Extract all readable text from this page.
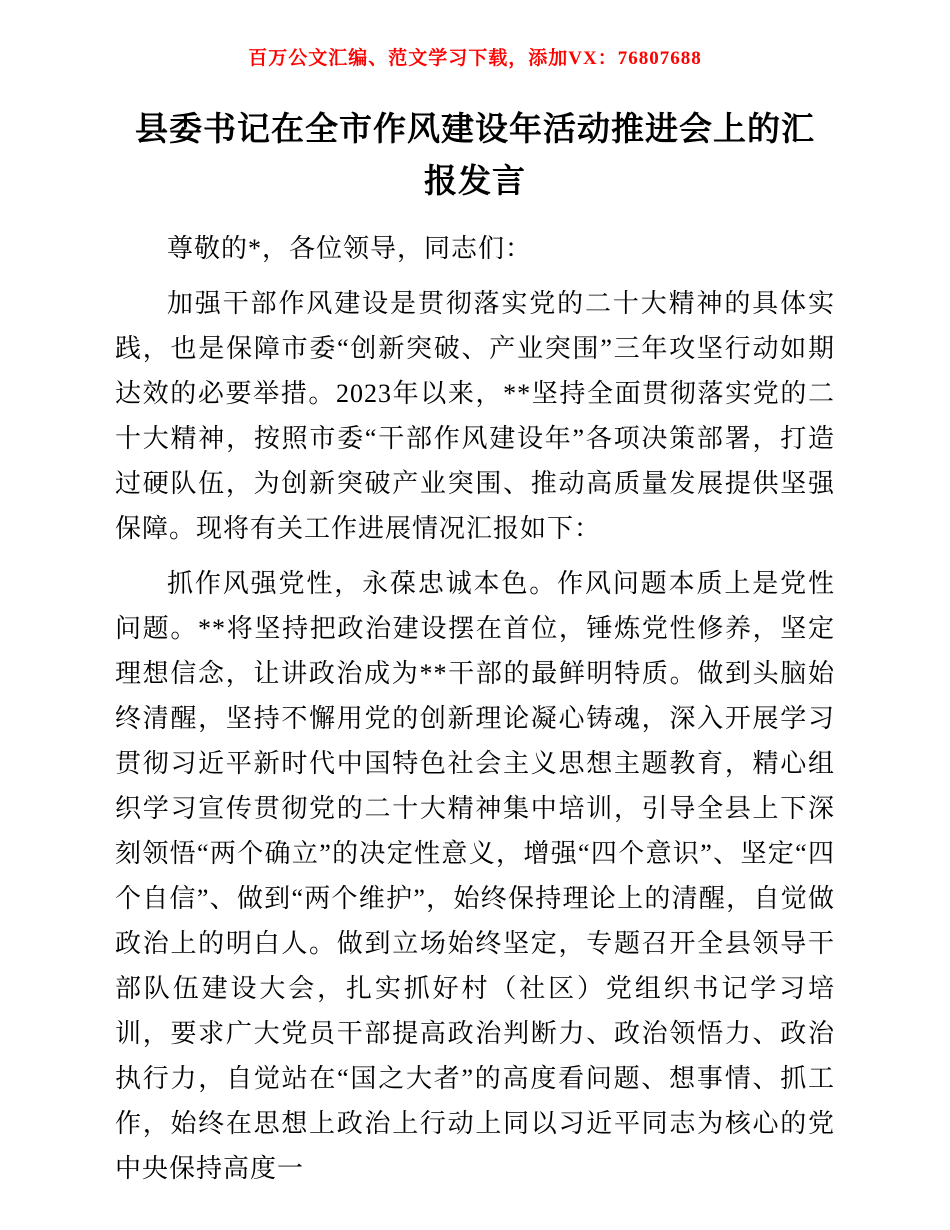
百万公文汇编、范文学习下载，添加VX：76807688
县委书记在全市作风建设年活动推进会上的汇报发言

尊敬的*，各位领导，同志们：

加强干部作风建设是贯彻落实党的二十大精神的具体实践，也是保障市委“创新突破、产业突围”三年攻坚行动如期达效的必要举措。2023年以来，**坚持全面贯彻落实党的二十大精神，按照市委“干部作风建设年”各项决策部署，打造过硬队伍，为创新突破产业突围、推动高质量发展提供坚强保障。现将有关工作进展情况汇报如下：

抓作风强党性，永葆忠诚本色。作风问题本质上是党性问题。**将坚持把政治建设摆在首位，锤炼党性修养，坚定理想信念，让讲政治成为**干部的最鲜明特质。做到头脑始终清醒，坚持不懈用党的创新理论凝心铸魂，深入开展学习贯彻习近平新时代中国特色社会主义思想主题教育，精心组织学习宣传贯彻党的二十大精神集中培训，引导全县上下深刻领悟“两个确立”的决定性意义，增强“四个意识”、坚定“四个自信”、做到“两个维护”，始终保持理论上的清醒，自觉做政治上的明白人。做到立场始终坚定，专题召开全县领导干部队伍建设大会，扎实抓好村（社区）党组织书记学习培训，要求广大党员干部提高政治判断力、政治领悟力、政治执行力，自觉站在“国之大者”的高度看问题、想事情、抓工作，始终在思想上政治上行动上同以习近平同志为核心的党中央保持高度一
